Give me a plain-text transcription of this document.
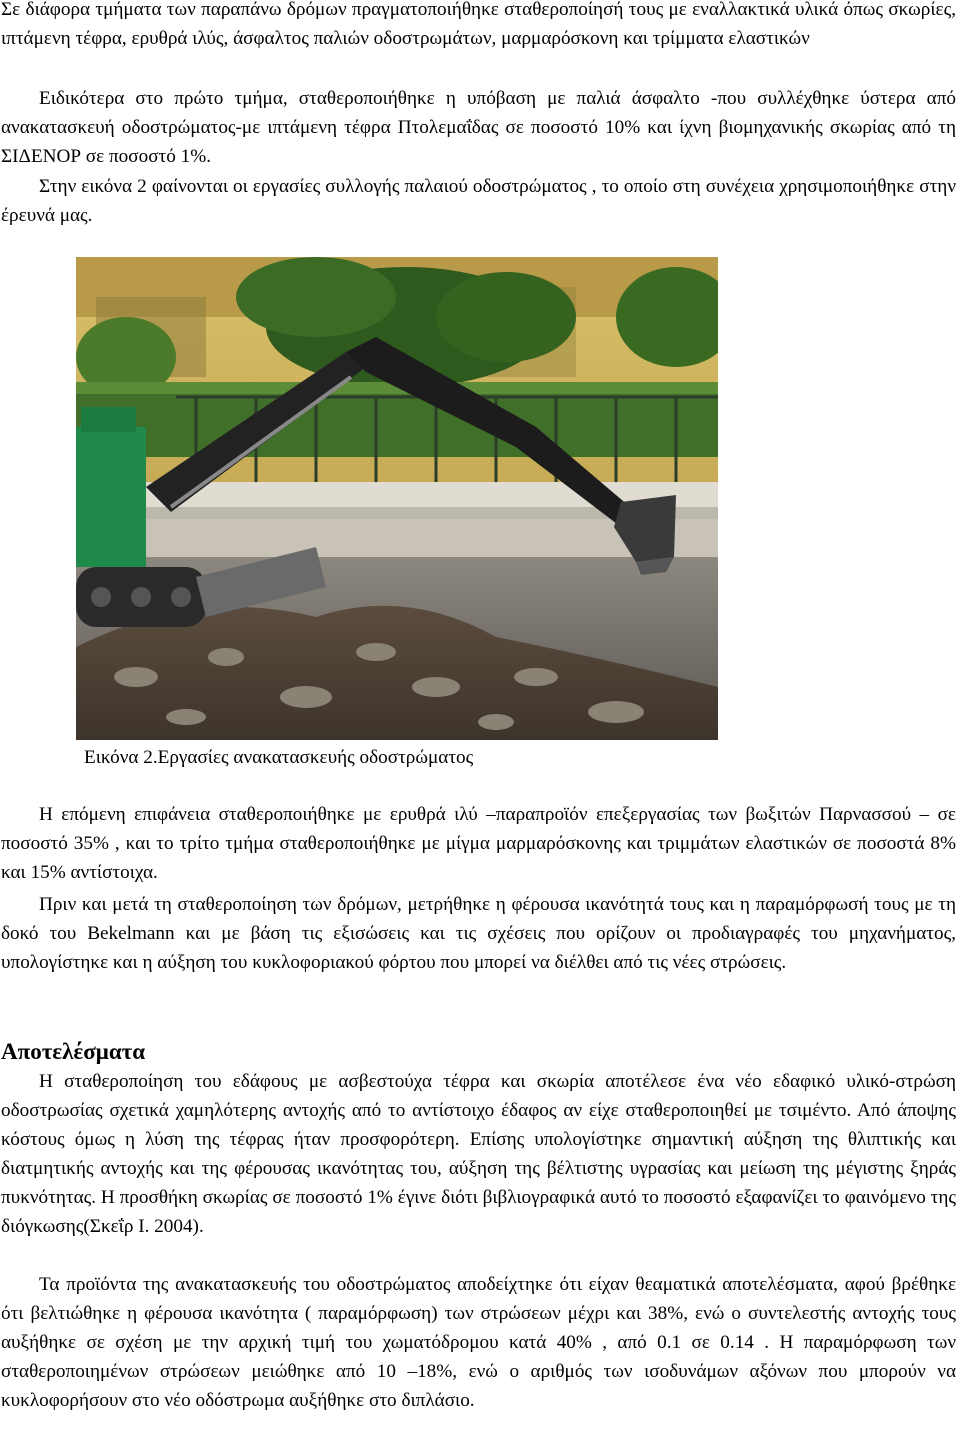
Σε διάφορα τμήματα των παραπάνω δρόμων πραγματοποιήθηκε σταθεροποίησή τους με εναλλακτικά υλικά όπως σκωρίες, ιπτάμενη τέφρα, ερυθρά ιλύς, άσφαλτος παλιών οδοστρωμάτων, μαρμαρόσκονη και τρίμματα ελαστικών

Ειδικότερα στο πρώτο τμήμα, σταθεροποιήθηκε η υπόβαση με παλιά άσφαλτο -που συλλέχθηκε ύστερα από ανακατασκευή οδοστρώματος-με ιπτάμενη τέφρα Πτολεμαΐδας σε ποσοστό 10% και ίχνη βιομηχανικής σκωρίας από τη ΣΙΔΕΝΟΡ σε ποσοστό 1%.

Στην εικόνα 2 φαίνονται οι εργασίες συλλογής παλαιού οδοστρώματος , το οποίο στη συνέχεια χρησιμοποιήθηκε στην έρευνά μας.

Εικόνα 2.Εργασίες ανακατασκευής οδοστρώματος

Η επόμενη επιφάνεια σταθεροποιήθηκε με ερυθρά ιλύ –παραπροϊόν επεξεργασίας των βωξιτών Παρνασσού – σε ποσοστό 35% , και το τρίτο τμήμα σταθεροποιήθηκε με μίγμα μαρμαρόσκονης και τριμμάτων ελαστικών σε ποσοστά 8% και 15% αντίστοιχα.

Πριν και μετά τη σταθεροποίηση των δρόμων, μετρήθηκε η φέρουσα ικανότητά τους και η παραμόρφωσή τους με τη δοκό του Bekelmann και με βάση τις εξισώσεις και τις σχέσεις που ορίζουν οι προδιαγραφές του μηχανήματος, υπολογίστηκε και η αύξηση του κυκλοφοριακού φόρτου που μπορεί να διέλθει από τις νέες στρώσεις.

Αποτελέσματα

Η σταθεροποίηση του εδάφους με ασβεστούχα τέφρα και σκωρία αποτέλεσε ένα νέο εδαφικό υλικό-στρώση οδοστρωσίας σχετικά χαμηλότερης αντοχής από το αντίστοιχο έδαφος αν είχε σταθεροποιηθεί με τσιμέντο. Από άποψης κόστους όμως η λύση της τέφρας ήταν προσφορότερη. Επίσης υπολογίστηκε σημαντική αύξηση της θλιπτικής και διατμητικής αντοχής και της φέρουσας ικανότητας του, αύξηση της βέλτιστης υγρασίας και μείωση της μέγιστης ξηράς πυκνότητας. Η προσθήκη σκωρίας σε ποσοστό 1% έγινε διότι βιβλιογραφικά αυτό το ποσοστό εξαφανίζει το φαινόμενο της διόγκωσης(Σκεΐρ Ι. 2004).

Τα προϊόντα της ανακατασκευής του οδοστρώματος αποδείχτηκε ότι είχαν θεαματικά αποτελέσματα, αφού βρέθηκε ότι βελτιώθηκε η φέρουσα ικανότητα ( παραμόρφωση) των στρώσεων μέχρι και 38%, ενώ ο συντελεστής αντοχής τους αυξήθηκε σε σχέση με την αρχική τιμή του χωματόδρομου κατά 40% , από 0.1 σε 0.14 . Η παραμόρφωση των σταθεροποιημένων στρώσεων μειώθηκε από 10 –18%, ενώ ο αριθμός των ισοδυνάμων αξόνων που μπορούν να κυκλοφορήσουν στο νέο οδόστρωμα αυξήθηκε στο διπλάσιο.
